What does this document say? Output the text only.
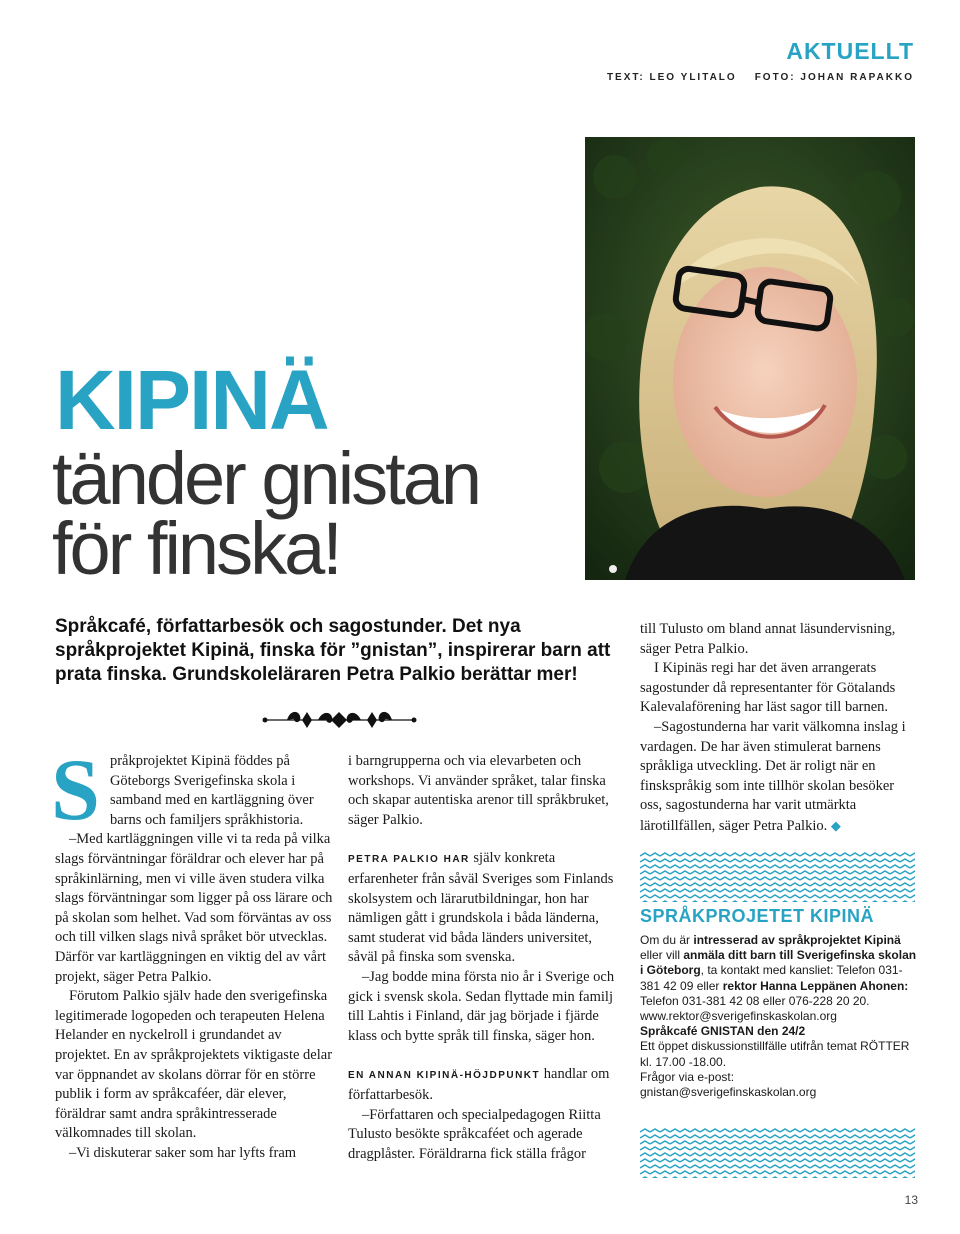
AKTUELLT
TEXT: LEO YLITALO FOTO: JOHAN RAPAKKO
KIPINÄ
tänder gnistan
för finska!
Språkcafé, författarbesök och sagostunder. Det nya språkprojektet Kipinä, finska för ”gnistan”, inspirerar barn att prata finska. Grundskoleläraren Petra Palkio berättar mer!

Språkprojektet Kipinä föddes på Göteborgs Sverigefinska skola i samband med en kartläggning över barns och familjers språkhistoria.

–Med kartläggningen ville vi ta reda på vilka slags förväntningar föräldrar och elever har på språkinlärning, men vi ville även studera vilka slags förväntningar som ligger på oss lärare och på skolan som helhet. Vad som förväntas av oss och till vilken slags nivå språket bör utvecklas. Därför var kartläggningen en viktig del av vårt projekt, säger Petra Palkio.

Förutom Palkio själv hade den sverigefinska legitimerade logopeden och terapeuten Helena Helander en nyckelroll i grundandet av projektet. En av språkprojektets viktigaste delar var öppnandet av skolans dörrar för en större publik i form av språkcaféer, där elever, föräldrar samt andra språkintresserade välkomnades till skolan.

–Vi diskuterar saker som har lyfts fram

i barngrupperna och via elevarbeten och workshops. Vi använder språket, talar finska och skapar autentiska arenor till språkbruket, säger Palkio.

PETRA PALKIO HAR själv konkreta erfarenheter från såväl Sveriges som Finlands skolsystem och lärarutbildningar, hon har nämligen gått i grundskola i båda länderna, samt studerat vid båda länders universitet, såväl på finska som svenska.

–Jag bodde mina första nio år i Sverige och gick i svensk skola. Sedan flyttade min familj till Lahtis i Finland, där jag började i fjärde klass och bytte språk till finska, säger hon.

EN ANNAN KIPINÄ-HÖJDPUNKT handlar om författarbesök.

–Författaren och specialpedagogen Riitta Tulusto besökte språkcaféet och agerade dragplåster. Föräldrarna fick ställa frågor

till Tulusto om bland annat läsundervisning, säger Petra Palkio.

I Kipinäs regi har det även arrangerats sagostunder då representanter för Götalands Kalevalaförening har läst sagor till barnen.

–Sagostunderna har varit välkomna inslag i vardagen. De har även stimulerat barnens språkliga utveckling. Det är roligt när en finskspråkig som inte tillhör skolan besöker oss, sagostunderna har varit utmärkta lärotillfällen, säger Petra Palkio. ◆

SPRÅKPROJETET KIPINÄ
Om du är intresserad av språkprojektet Kipinä eller vill anmäla ditt barn till Sverigefinska skolan i Göteborg, ta kontakt med kansliet: Telefon 031-381 42 09 eller rektor Hanna Leppänen Ahonen:
Telefon 031-381 42 08 eller 076-228 20 20.
www.rektor@sverigefinskaskolan.org
Språkcafé GNISTAN den 24/2
Ett öppet diskussionstillfälle utifrån temat RÖTTER kl. 17.00 -18.00.
Frågor via e-post:
gnistan@sverigefinskaskolan.org
13
